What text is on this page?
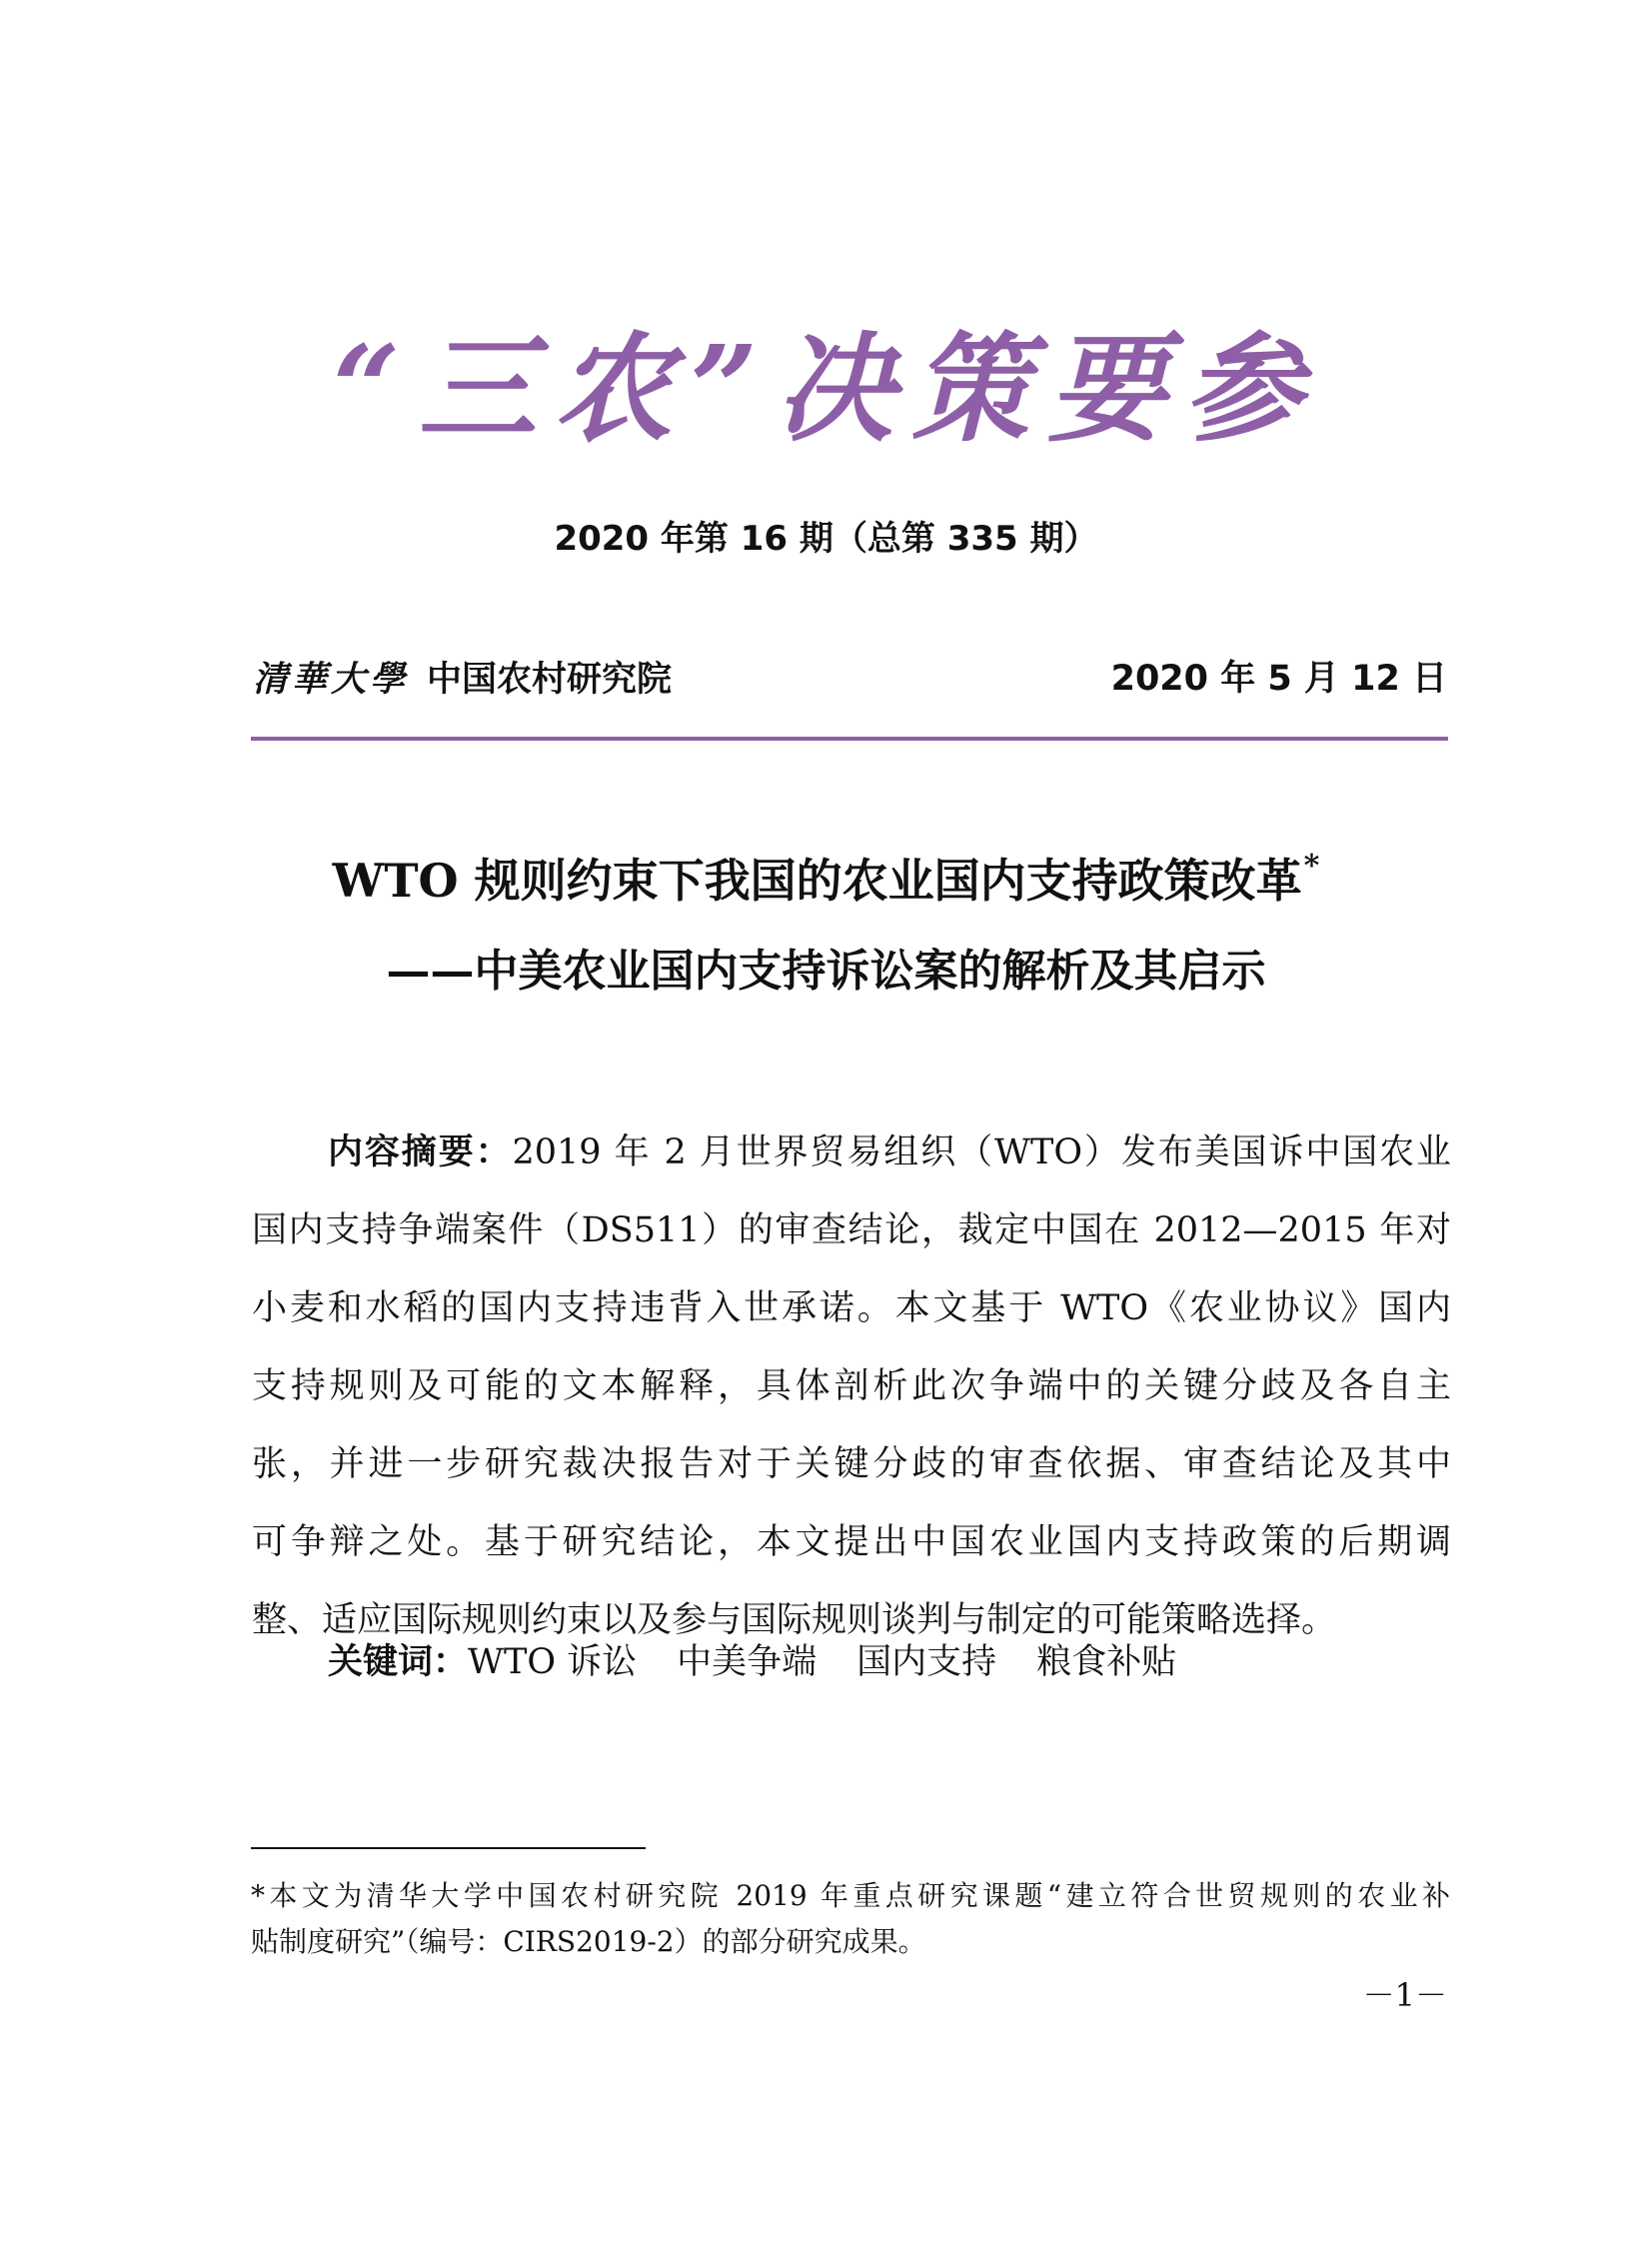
“三农”决策要参
2020 年第 16 期（总第 335 期）
清華大學 中国农村研究院	2020 年 5 月 12 日
WTO 规则约束下我国的农业国内支持政策改革*
——中美农业国内支持诉讼案的解析及其启示
内容摘要：2019 年 2 月世界贸易组织（WTO）发布美国诉中国农业
国内支持争端案件（DS511）的审查结论，裁定中国在 2012—2015 年对
小麦和水稻的国内支持违背入世承诺。本文基于 WTO《农业协议》国内
支持规则及可能的文本解释，具体剖析此次争端中的关键分歧及各自主
张，并进一步研究裁决报告对于关键分歧的审查依据、审查结论及其中
可争辩之处。基于研究结论，本文提出中国农业国内支持政策的后期调
整、适应国际规则约束以及参与国际规则谈判与制定的可能策略选择。
关键词：WTO 诉讼 中美争端 国内支持 粮食补贴
*本文为清华大学中国农村研究院 2019 年重点研究课题“建立符合世贸规则的农业补
贴制度研究”（编号：CIRS2019-2）的部分研究成果。
－1－
